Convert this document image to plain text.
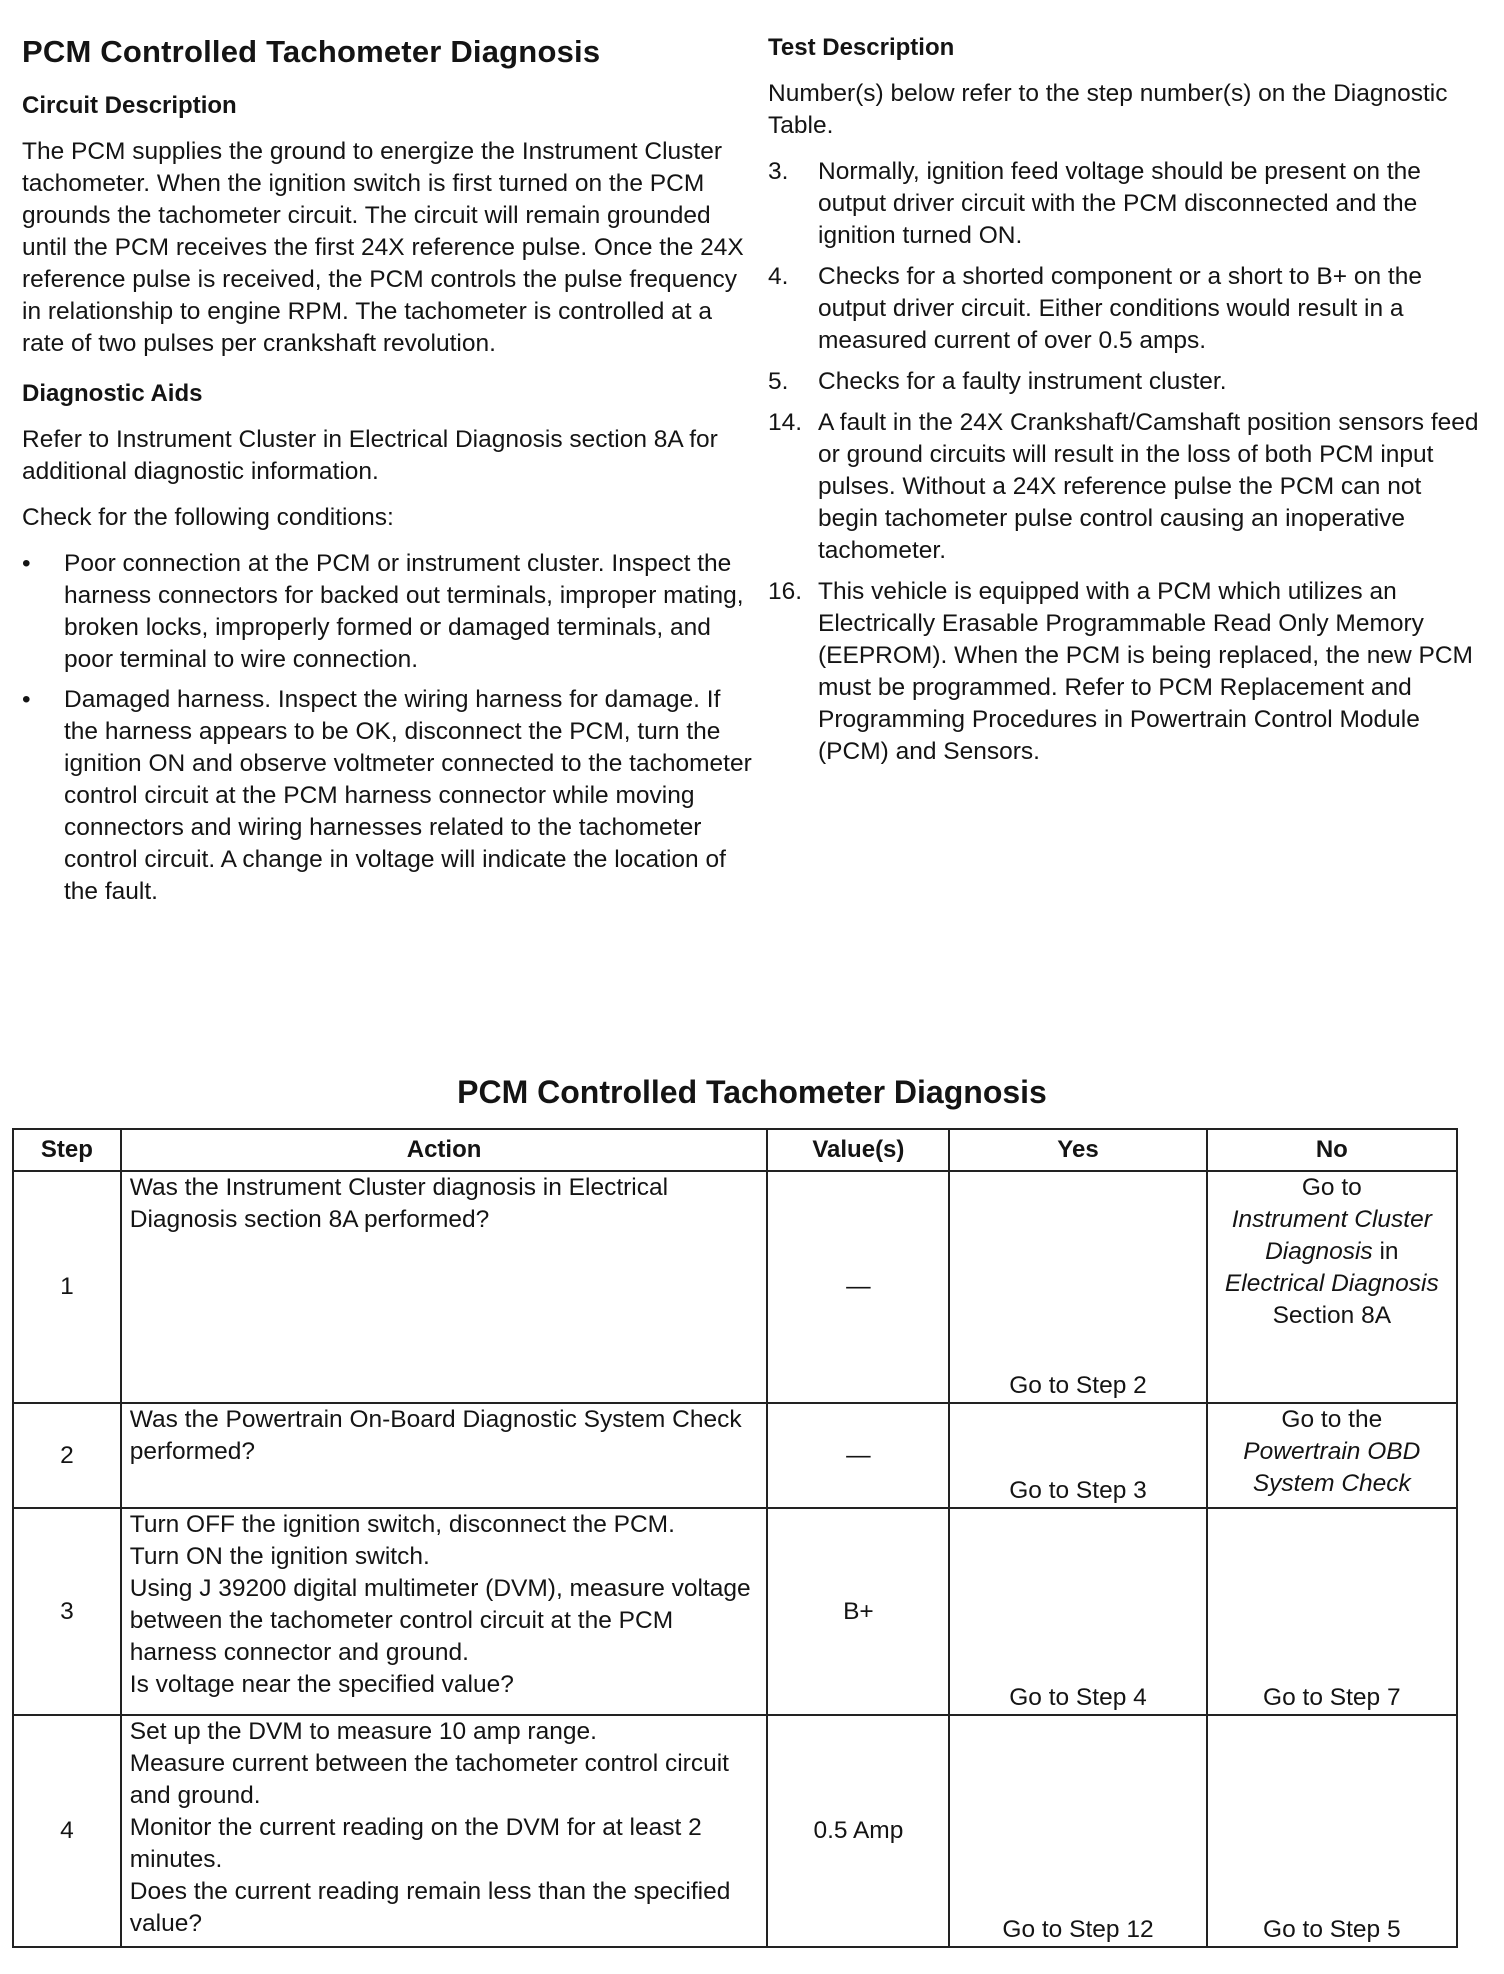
PCM Controlled Tachometer Diagnosis
Circuit Description

The PCM supplies the ground to energize the Instrument Cluster tachometer. When the ignition switch is first turned on the PCM grounds the tachometer circuit. The circuit will remain grounded until the PCM receives the first 24X reference pulse. Once the 24X reference pulse is received, the PCM controls the pulse frequency in relationship to engine RPM. The tachometer is controlled at a rate of two pulses per crankshaft revolution.

Diagnostic Aids

Refer to Instrument Cluster in Electrical Diagnosis section 8A for additional diagnostic information.

Check for the following conditions:

• Poor connection at the PCM or instrument cluster. Inspect the harness connectors for backed out terminals, improper mating, broken locks, improperly formed or damaged terminals, and poor terminal to wire connection.
• Damaged harness. Inspect the wiring harness for damage. If the harness appears to be OK, disconnect the PCM, turn the ignition ON and observe voltmeter connected to the tachometer control circuit at the PCM harness connector while moving connectors and wiring harnesses related to the tachometer control circuit. A change in voltage will indicate the location of the fault.
Test Description

Number(s) below refer to the step number(s) on the Diagnostic Table.

3.	Normally, ignition feed voltage should be present on the output driver circuit with the PCM disconnected and the ignition turned ON.
4.	Checks for a shorted component or a short to B+ on the output driver circuit. Either conditions would result in a measured current of over 0.5 amps.
5.	Checks for a faulty instrument cluster.
14. A fault in the 24X Crankshaft/Camshaft position sensors feed or ground circuits will result in the loss of both PCM input pulses. Without a 24X reference pulse the PCM can not begin tachometer pulse control causing an inoperative tachometer.
16. This vehicle is equipped with a PCM which utilizes an Electrically Erasable Programmable Read Only Memory (EEPROM). When the PCM is being replaced, the new PCM must be programmed. Refer to PCM Replacement and Programming Procedures in Powertrain Control Module (PCM) and Sensors.
PCM Controlled Tachometer Diagnosis
Step	Action	Value(s)	Yes	No
1	Was the Instrument Cluster diagnosis in Electrical Diagnosis section 8A performed?	—	Go to Step 2	Go to
Instrument Cluster Diagnosis in
Electrical Diagnosis
Section 8A

2	Was the Powertrain On-Board Diagnostic System Check performed?	—	Go to Step 3	Go to the
Powertrain OBD System Check

3	Turn OFF the ignition switch, disconnect the PCM.
Turn ON the ignition switch.
Using J 39200 digital multimeter (DVM), measure voltage between the tachometer control circuit at the PCM harness connector and ground.
Is voltage near the specified value?	B+	Go to Step 4	Go to Step 7
4	Set up the DVM to measure 10 amp range.
Measure current between the tachometer control circuit and ground.
Monitor the current reading on the DVM for at least 2 minutes.
Does the current reading remain less than the specified value?	0.5 Amp	Go to Step 12	Go to Step 5
